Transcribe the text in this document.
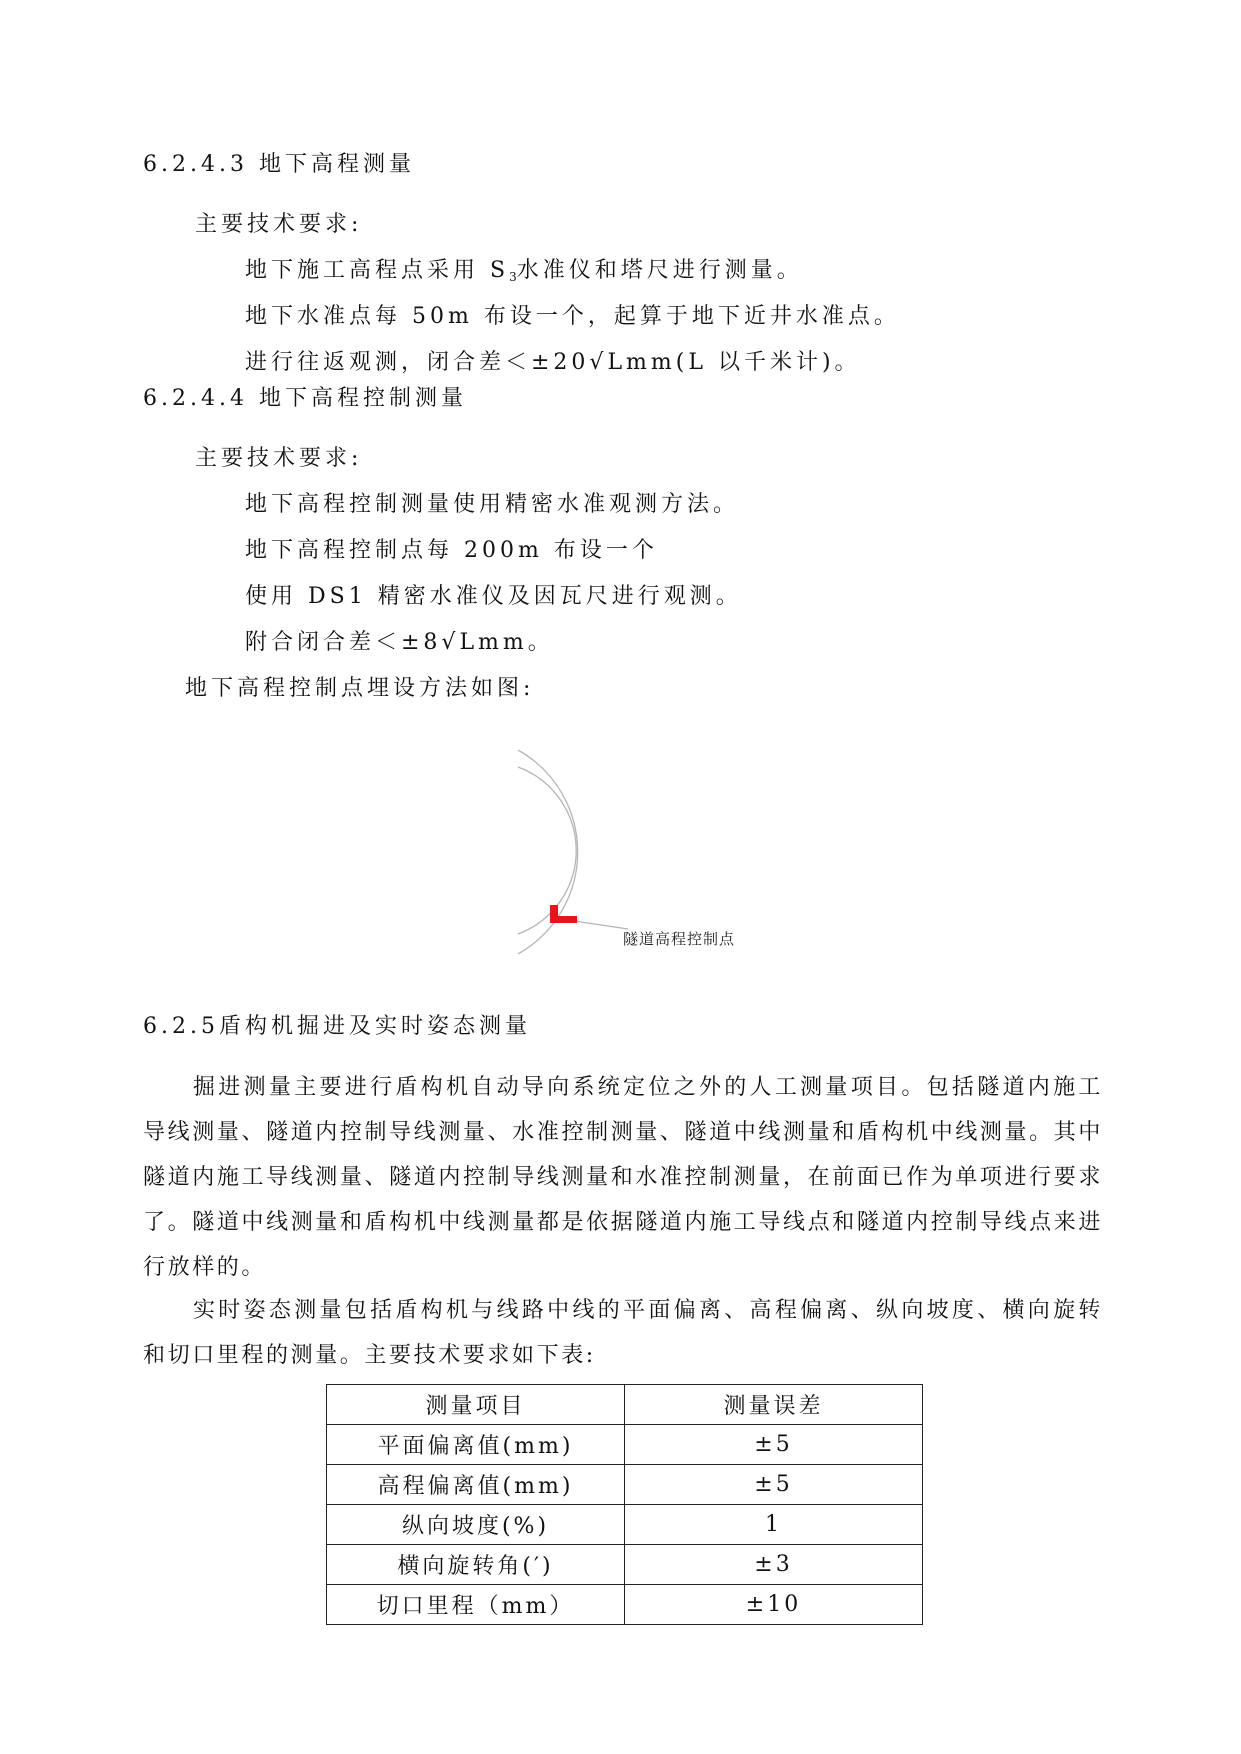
6.2.4.3 地下高程测量
主要技术要求:
地下施工高程点采用 $S_3$水准仪和塔尺进行测量。
地下水准点每 50m 布设一个，起算于地下近井水准点。
进行往返观测，闭合差＜±20√Lmm(L 以千米计)。
6.2.4.4 地下高程控制测量
主要技术要求:
地下高程控制测量使用精密水准观测方法。
地下高程控制点每 200m 布设一个
使用 DS1 精密水准仪及因瓦尺进行观测。
附合闭合差＜±8√Lmm。
地下高程控制点埋设方法如图:
隧道高程控制点
6.2.5盾构机掘进及实时姿态测量

掘进测量主要进行盾构机自动导向系统定位之外的人工测量项目。包括隧道内施工导线测量、隧道内控制导线测量、水准控制测量、隧道中线测量和盾构机中线测量。其中隧道内施工导线测量、隧道内控制导线测量和水准控制测量，在前面已作为单项进行要求了。隧道中线测量和盾构机中线测量都是依据隧道内施工导线点和隧道内控制导线点来进行放样的。

实时姿态测量包括盾构机与线路中线的平面偏离、高程偏离、纵向坡度、横向旋转和切口里程的测量。主要技术要求如下表:

测量项目	测量误差
平面偏离值(mm)	±5
高程偏离值(mm)	±5
纵向坡度(%)	1
横向旋转角(′)	±3
切口里程（mm）	±10
